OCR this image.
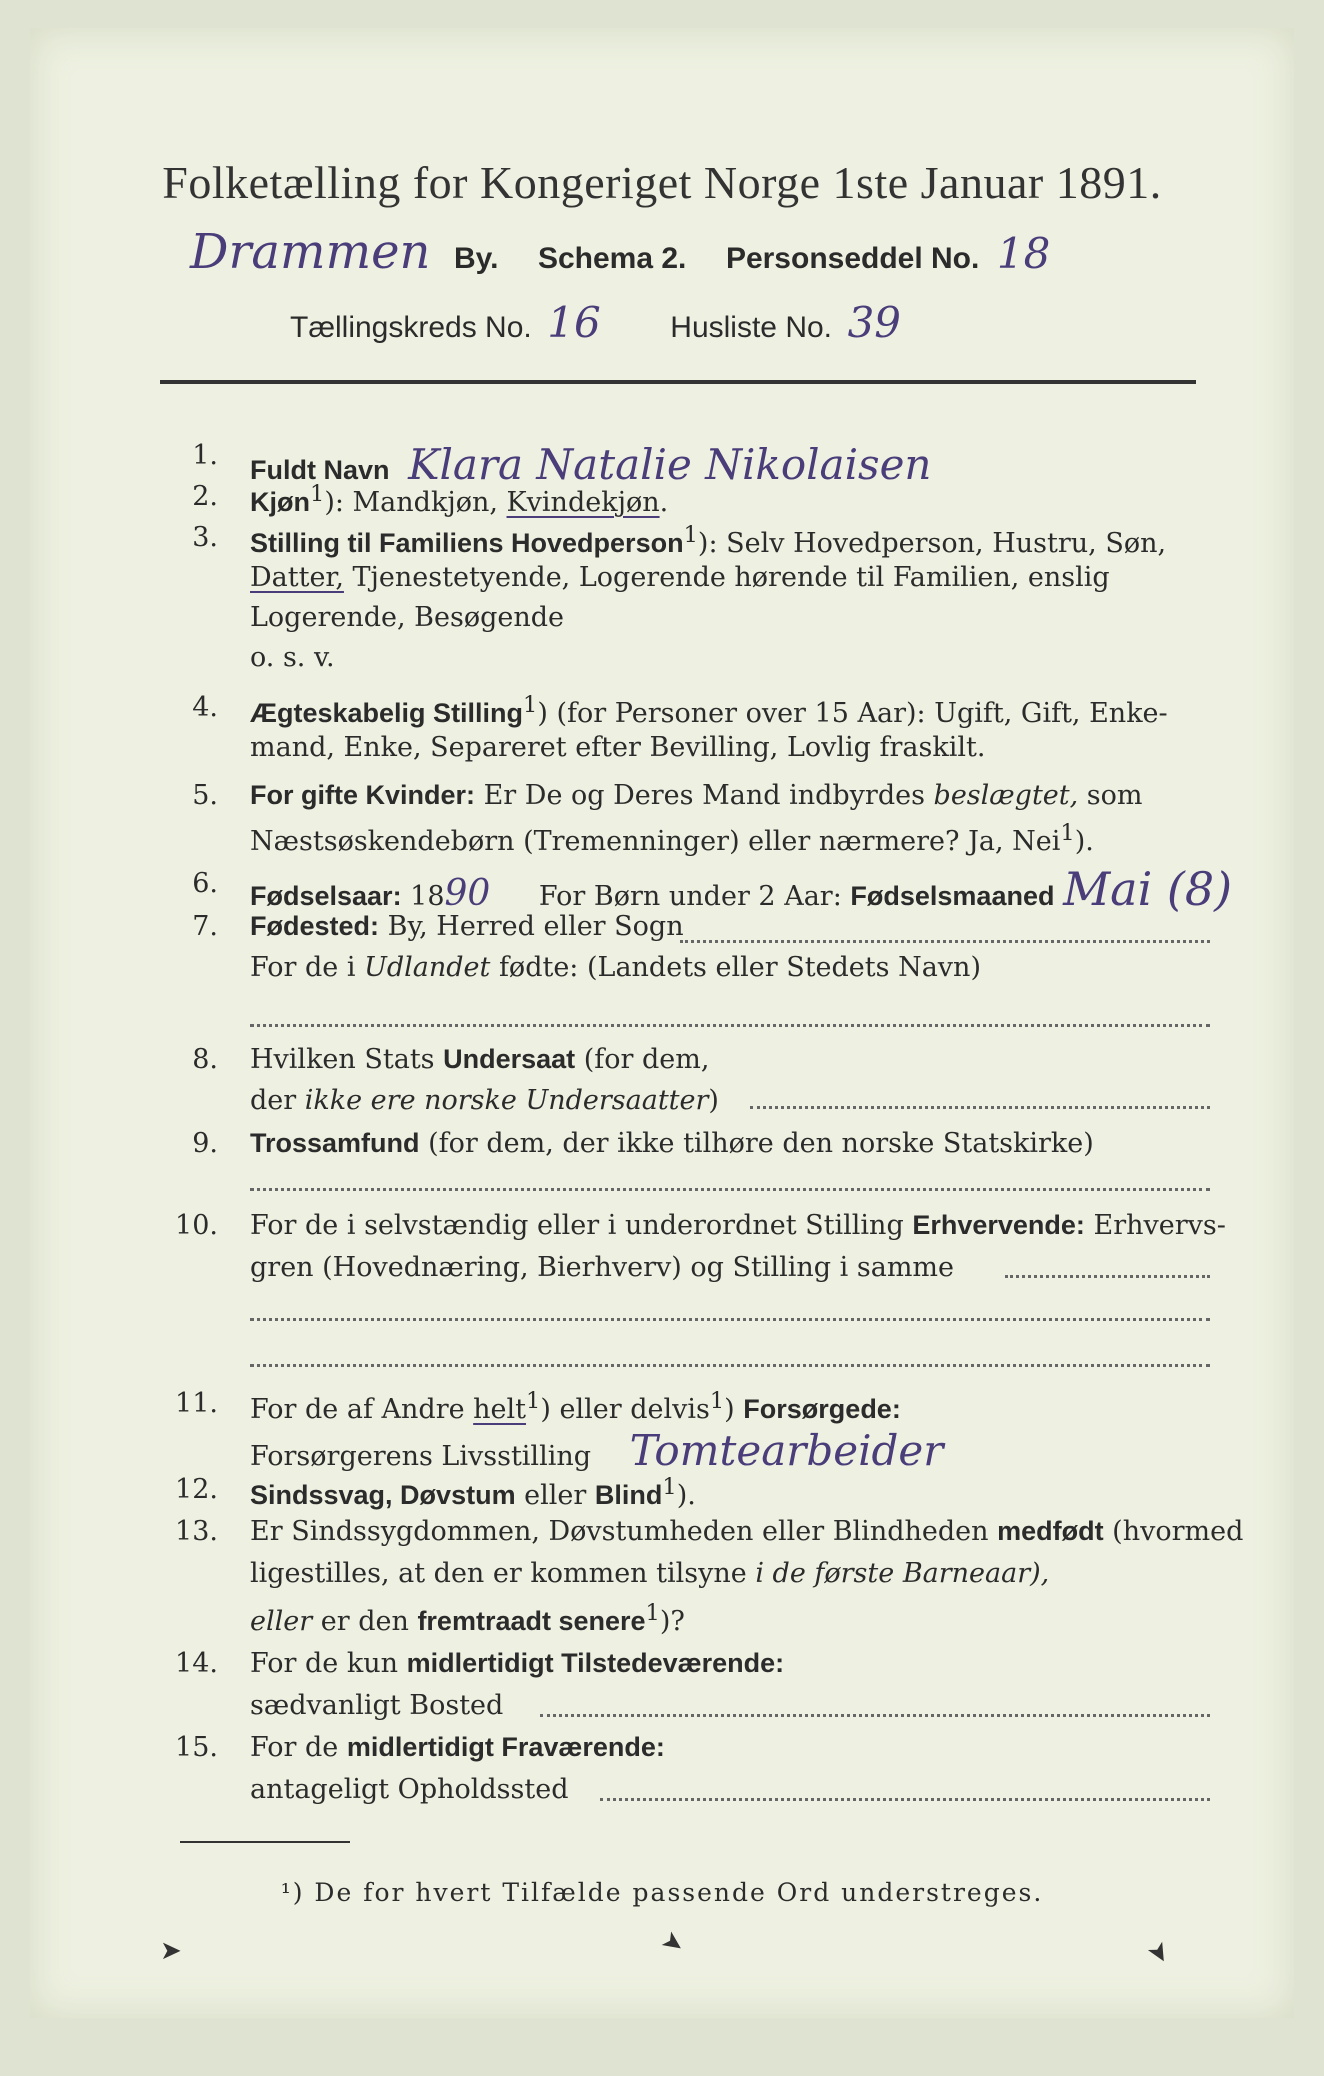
Folketælling for Kongeriget Norge 1ste Januar 1891.
Drammen By. Schema 2. Personseddel No. 18
Tællingskreds No. 16 Husliste No. 39
1. Fuldt Navn Klara Natalie Nikolaisen
2. Kjøn$^1$): Mandkjøn, Kvindekjøn.
3. Stilling til Familiens Hovedperson$^1$): Selv Hovedperson, Hustru, Søn,
Datter, Tjenestetyende, Logerende hørende til Familien, enslig
Logerende, Besøgende
o. s. v.
4. Ægteskabelig Stilling$^1$) (for Personer over 15 Aar): Ugift, Gift, Enke-
mand, Enke, Separeret efter Bevilling, Lovlig fraskilt.
5. For gifte Kvinder: Er De og Deres Mand indbyrdes beslægtet, som
Næstsøskendebørn (Tremenninger) eller nærmere? Ja, Nei$^1$).
6. Fødselsaar: 1890 For Børn under 2 Aar: Fødselsmaaned Mai (8)
7. Fødested: By, Herred eller Sogn
For de i Udlandet fødte: (Landets eller Stedets Navn)
8. Hvilken Stats Undersaat (for dem,
der ikke ere norske Undersaatter)
9. Trossamfund (for dem, der ikke tilhøre den norske Statskirke)
10. For de i selvstændig eller i underordnet Stilling Erhvervende: Erhvervs-
gren (Hovednæring, Bierhverv) og Stilling i samme
11. For de af Andre helt$^1$) eller delvis$^1$) Forsørgede:
Forsørgerens Livsstilling Tomtearbeider
12. Sindssvag, Døvstum eller Blind$^1$).
13. Er Sindssygdommen, Døvstumheden eller Blindheden medfødt (hvormed
ligestilles, at den er kommen tilsyne i de første Barneaar),
eller er den fremtraadt senere$^1$)?
14. For de kun midlertidigt Tilstedeværende:
sædvanligt Bosted
15. For de midlertidigt Fraværende:
antageligt Opholdssted
¹) De for hvert Tilfælde passende Ord understreges.
➤	➤	➤
